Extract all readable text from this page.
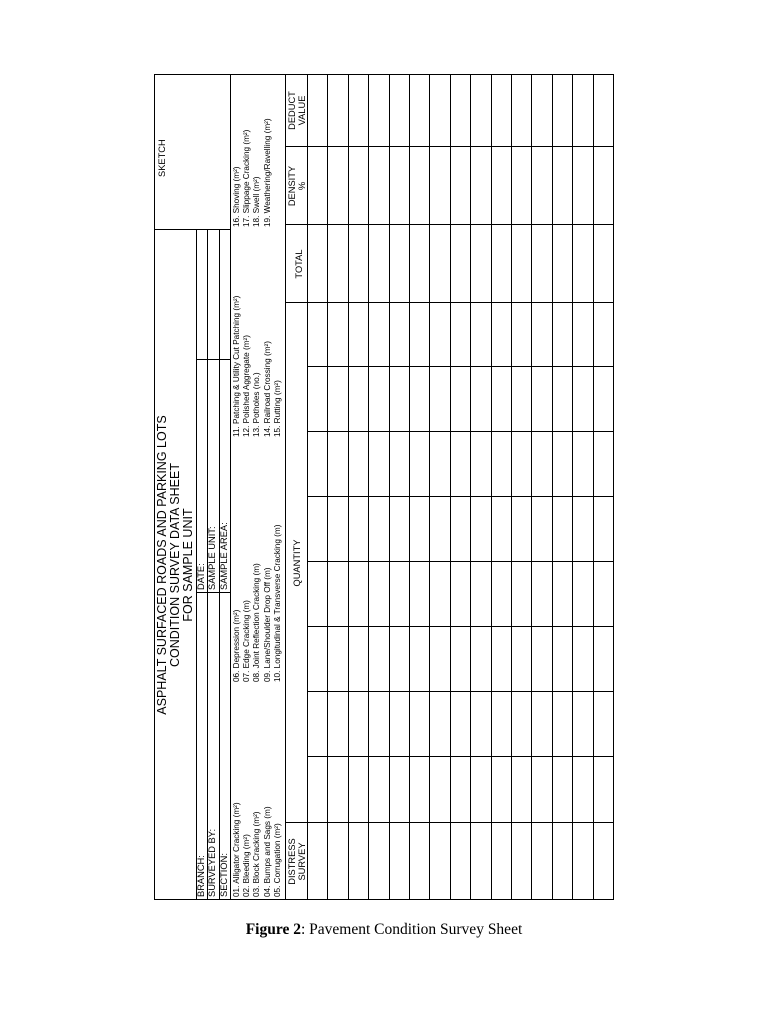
SKETCH
ASPHALT SURFACED ROADS AND PARKING LOTS CONDITION SURVEY DATA SHEET FOR SAMPLE UNIT
BRANCH: SURVEYED BY: SECTION:
DATE: SAMPLE UNIT: SAMPLE AREA:
01. Alligator Cracking (m²) 02. Bleeding (m²) 03. Block Cracking (m²) 04. Bumps and Sags (m) 05. Corrugation (m²)
06. Depression (m²) 07. Edge Cracking (m) 08. Joint Reflection Cracking (m) 09. Lane/Shoulder Drop Off (m) 10. Longitudinal & Transverse Cracking (m)
11. Patching & Utility Cut Patching (m²) 12. Polished Aggregate (m²) 13. Potholes (no.) 14. Railroad Crossing (m²) 15. Rutting (m²)
16. Shoving (m²) 17. Slippage Cracking (m²) 18. Swell (m²) 19. Weathering/Ravelling (m²)
DISTRESS SURVEY
QUANTITY
TOTAL
DENSITY %
DEDUCT VALUE
Figure 2: Pavement Condition Survey Sheet
